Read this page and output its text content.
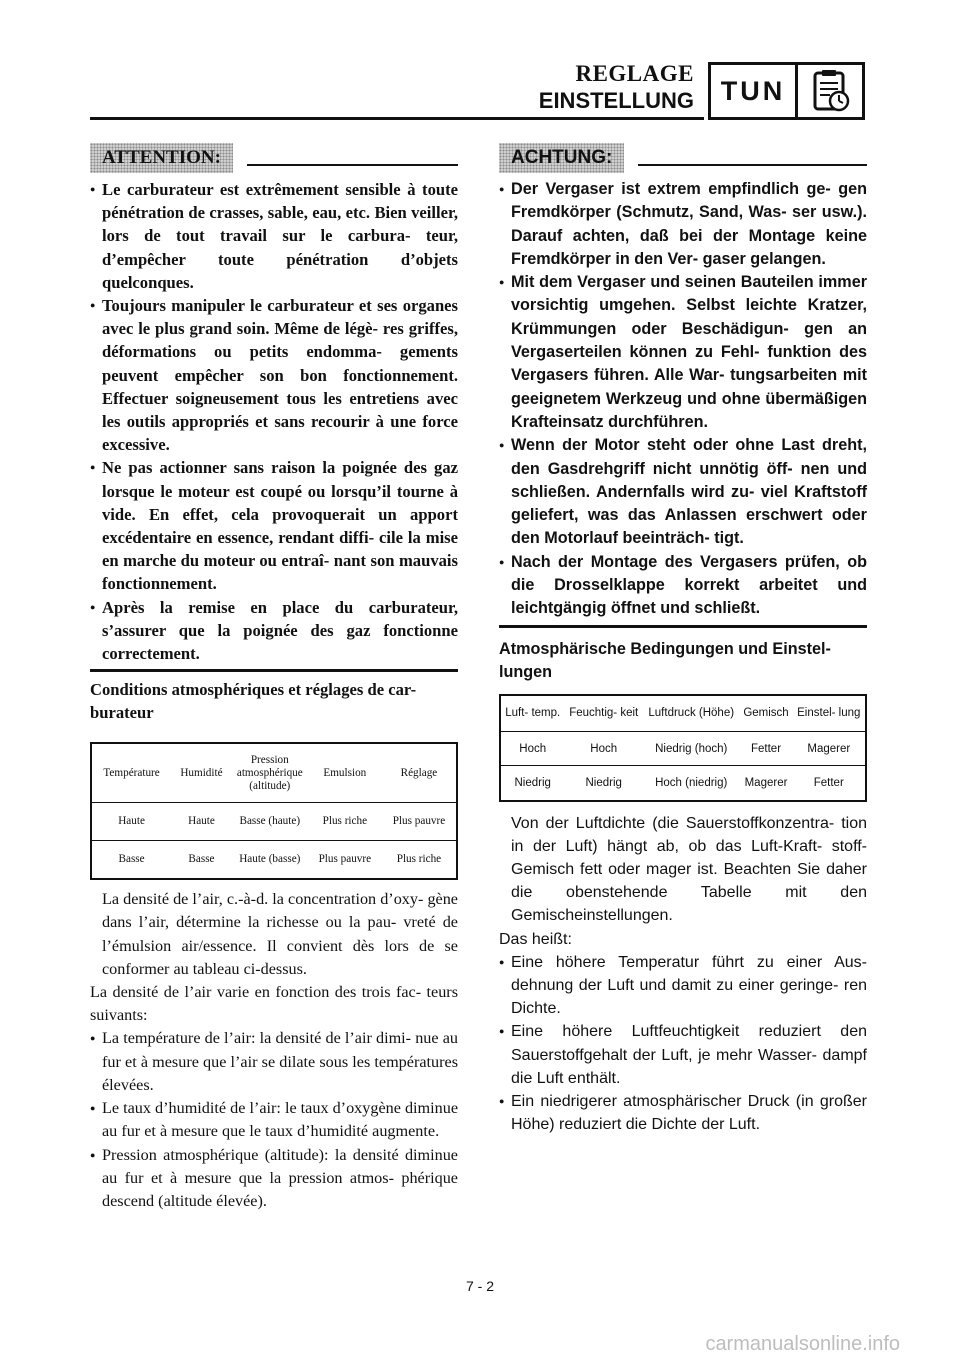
REGLAGE
EINSTELLUNG TUN
ATTENTION:
● Le carburateur est extrêmement sensible à toute pénétration de crasses, sable, eau, etc. Bien veiller, lors de tout travail sur le carbura- teur, d’empêcher toute pénétration d’objets quelconques.
● Toujours manipuler le carburateur et ses organes avec le plus grand soin. Même de légè- res griffes, déformations ou petits endomma- gements peuvent empêcher son bon fonctionnement. Effectuer soigneusement tous les entretiens avec les outils appropriés et sans recourir à une force excessive.
● Ne pas actionner sans raison la poignée des gaz lorsque le moteur est coupé ou lorsqu’il tourne à vide. En effet, cela provoquerait un apport excédentaire en essence, rendant diffi- cile la mise en marche du moteur ou entraî- nant son mauvais fonctionnement.
● Après la remise en place du carburateur, s’assurer que la poignée des gaz fonctionne correctement.
Conditions atmosphériques et réglages de car- burateur
Température	Humidité	Pression atmosphérique (altitude)	Emulsion	Réglage
Haute	Haute	Basse (haute)	Plus riche	Plus pauvre
Basse	Basse	Haute (basse)	Plus pauvre	Plus riche
La densité de l’air, c.-à-d. la concentration d’oxy- gène dans l’air, détermine la richesse ou la pau- vreté de l’émulsion air/essence. Il convient dès lors de se conformer au tableau ci-dessus.
La densité de l’air varie en fonction des trois fac- teurs suivants:
● La température de l’air: la densité de l’air dimi- nue au fur et à mesure que l’air se dilate sous les températures élevées.
● Le taux d’humidité de l’air: le taux d’oxygène diminue au fur et à mesure que le taux d’humidité augmente.
● Pression atmosphérique (altitude): la densité diminue au fur et à mesure que la pression atmos- phérique descend (altitude élevée).
ACHTUNG:
● Der Vergaser ist extrem empfindlich ge- gen Fremdkörper (Schmutz, Sand, Was- ser usw.). Darauf achten, daß bei der Montage keine Fremdkörper in den Ver- gaser gelangen.
● Mit dem Vergaser und seinen Bauteilen immer vorsichtig umgehen. Selbst leichte Kratzer, Krümmungen oder Beschädigun- gen an Vergaserteilen können zu Fehl- funktion des Vergasers führen. Alle War- tungsarbeiten mit geeignetem Werkzeug und ohne übermäßigen Krafteinsatz durchführen.
● Wenn der Motor steht oder ohne Last dreht, den Gasdrehgriff nicht unnötig öff- nen und schließen. Andernfalls wird zu- viel Kraftstoff geliefert, was das Anlassen erschwert oder den Motorlauf beeinträch- tigt.
● Nach der Montage des Vergasers prüfen, ob die Drosselklappe korrekt arbeitet und leichtgängig öffnet und schließt.
Atmosphärische Bedingungen und Einstel- lungen
Luft- temp.	Feuchtig- keit	Luftdruck (Höhe)	Gemisch	Einstel- lung
Hoch	Hoch	Niedrig (hoch)	Fetter	Magerer
Niedrig	Niedrig	Hoch (niedrig)	Magerer	Fetter
Von der Luftdichte (die Sauerstoffkonzentra- tion in der Luft) hängt ab, ob das Luft-Kraft- stoff-Gemisch fett oder mager ist. Beachten Sie daher die obenstehende Tabelle mit den Gemischeinstellungen.
Das heißt:
● Eine höhere Temperatur führt zu einer Aus- dehnung der Luft und damit zu einer geringe- ren Dichte.
● Eine höhere Luftfeuchtigkeit reduziert den Sauerstoffgehalt der Luft, je mehr Wasser- dampf die Luft enthält.
● Ein niedrigerer atmosphärischer Druck (in großer Höhe) reduziert die Dichte der Luft.
7 - 2
carmanualsonline.info
